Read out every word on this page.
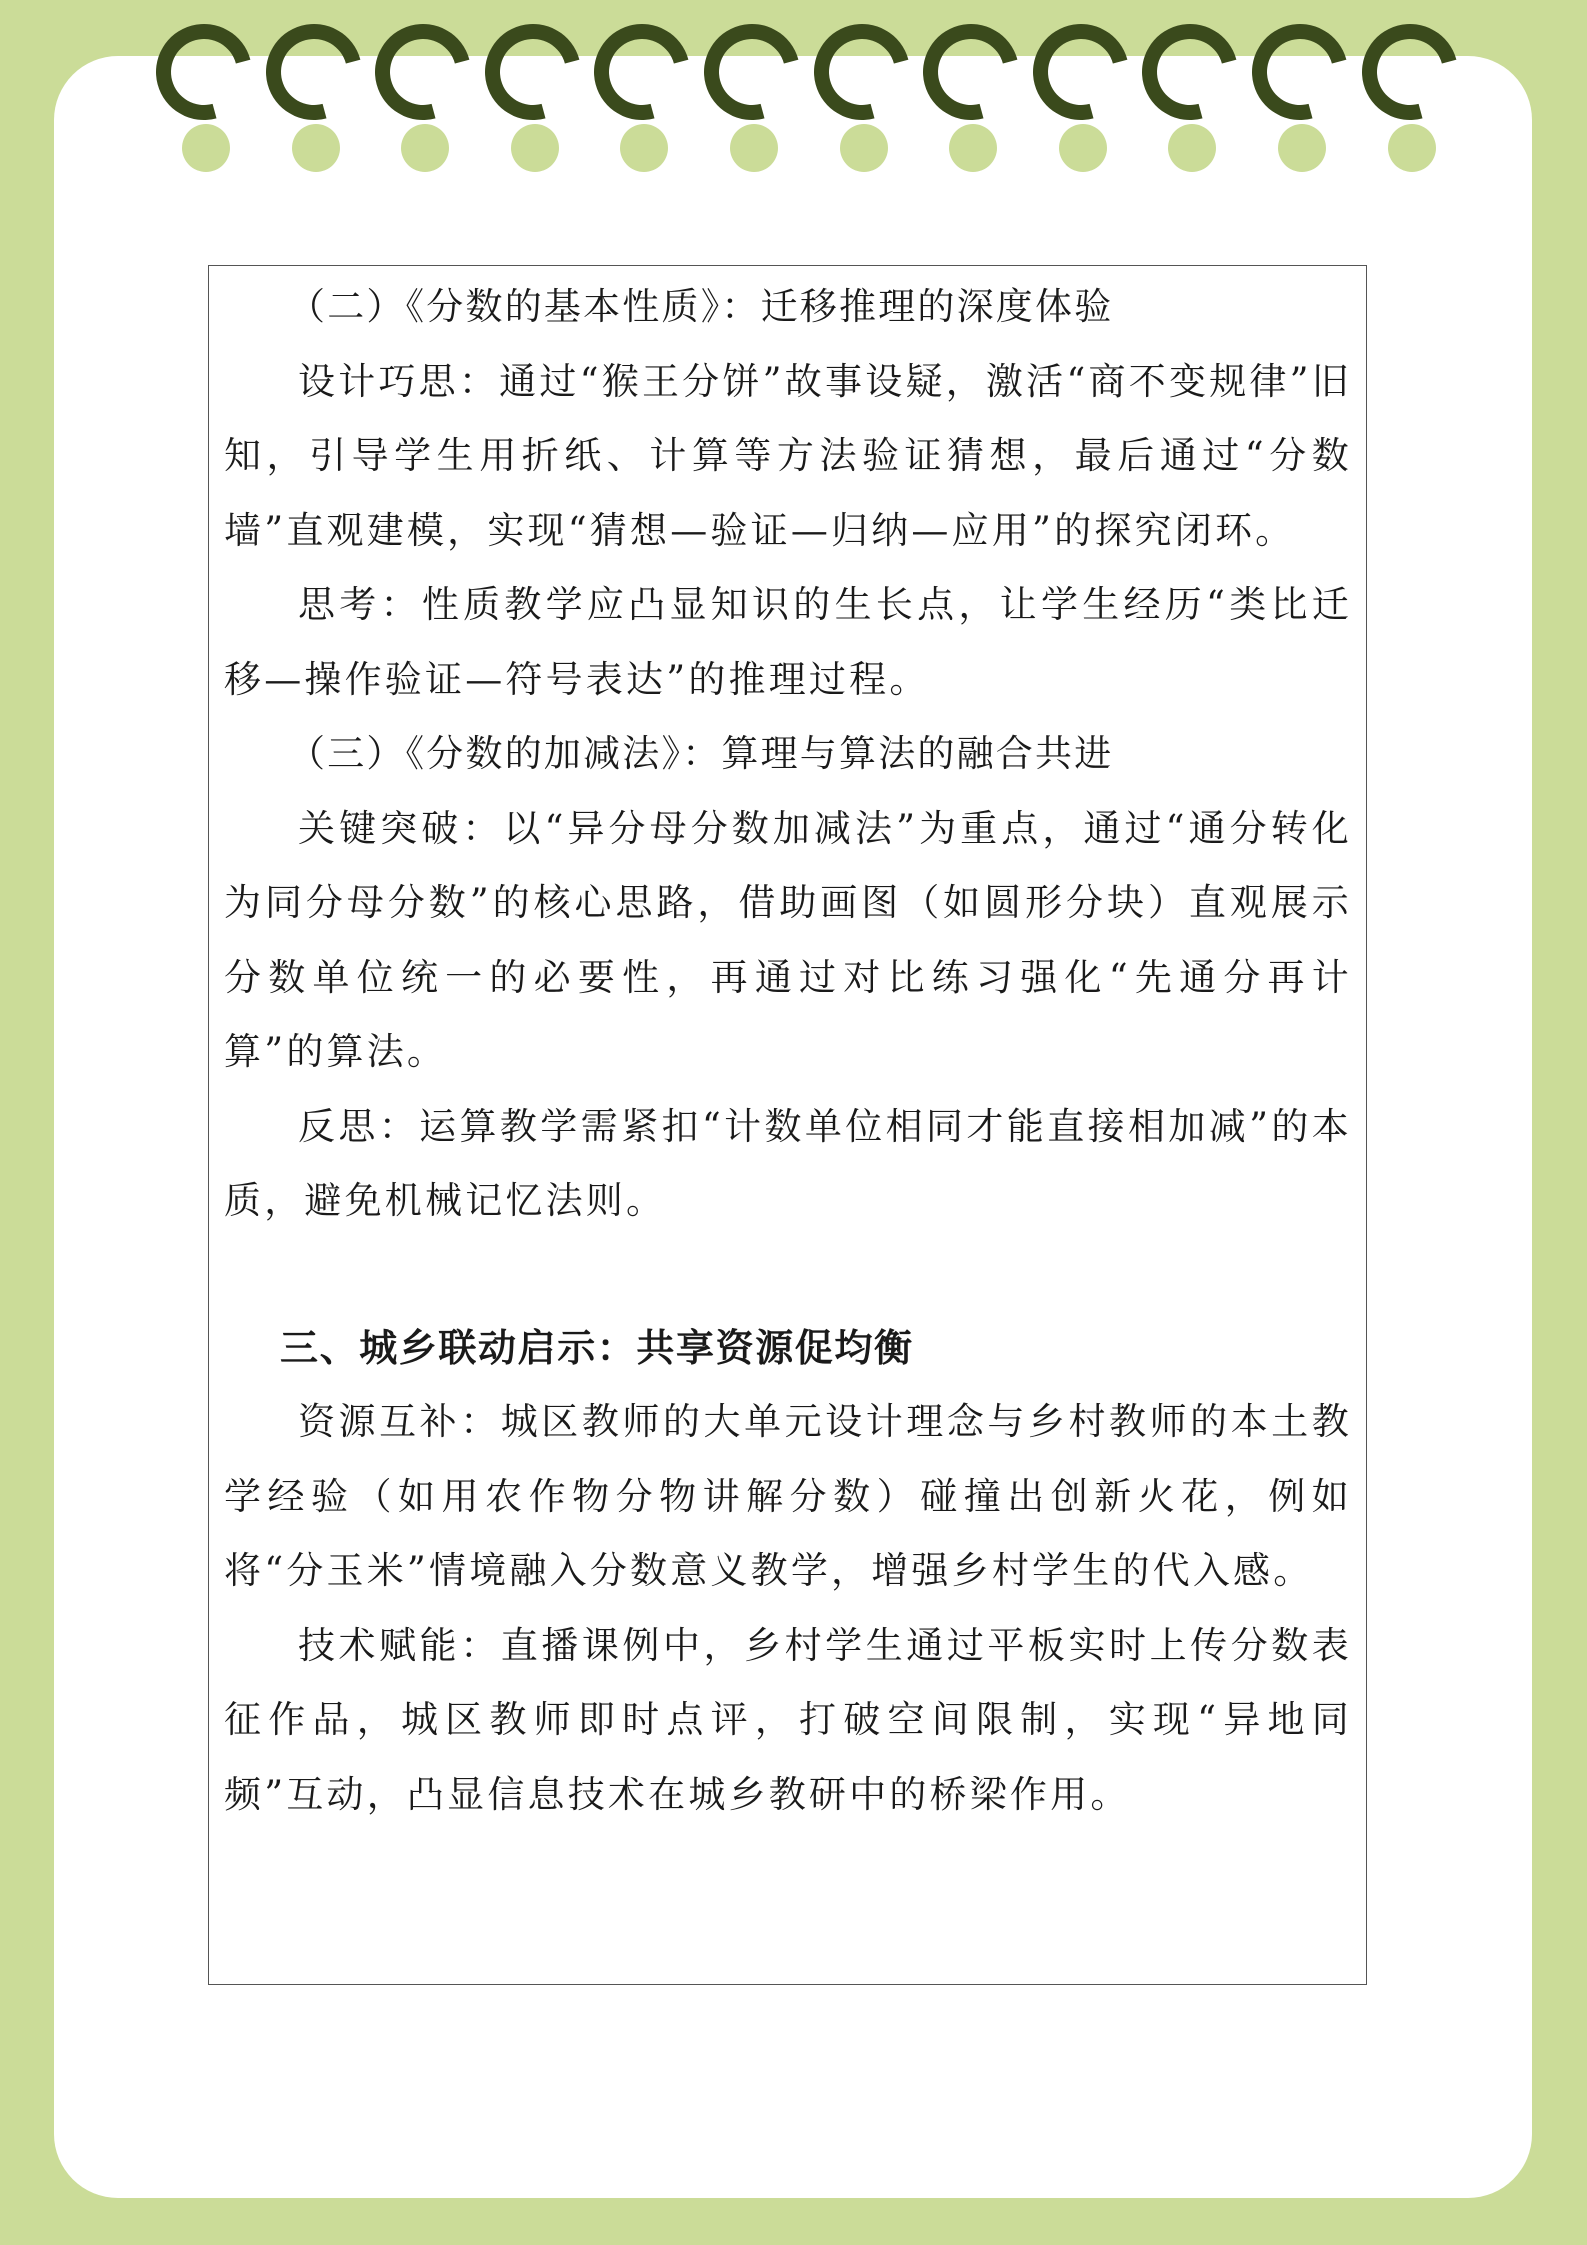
（二）《分数的基本性质》：迁移推理的深度体验

设计巧思：通过“猴王分饼”故事设疑，激活“商不变规律”旧知，引导学生用折纸、计算等方法验证猜想，最后通过“分数墙”直观建模，实现“猜想—验证—归纳—应用”的探究闭环。

思考：性质教学应凸显知识的生长点，让学生经历“类比迁移—操作验证—符号表达”的推理过程。

（三）《分数的加减法》：算理与算法的融合共进

关键突破：以“异分母分数加减法”为重点，通过“通分转化为同分母分数”的核心思路，借助画图（如圆形分块）直观展示分数单位统一的必要性，再通过对比练习强化“先通分再计算”的算法。

反思：运算教学需紧扣“计数单位相同才能直接相加减”的本质，避免机械记忆法则。

三、城乡联动启示：共享资源促均衡

资源互补：城区教师的大单元设计理念与乡村教师的本土教学经验（如用农作物分物讲解分数）碰撞出创新火花，例如将“分玉米”情境融入分数意义教学，增强乡村学生的代入感。

技术赋能：直播课例中，乡村学生通过平板实时上传分数表征作品，城区教师即时点评，打破空间限制，实现“异地同频”互动，凸显信息技术在城乡教研中的桥梁作用。
